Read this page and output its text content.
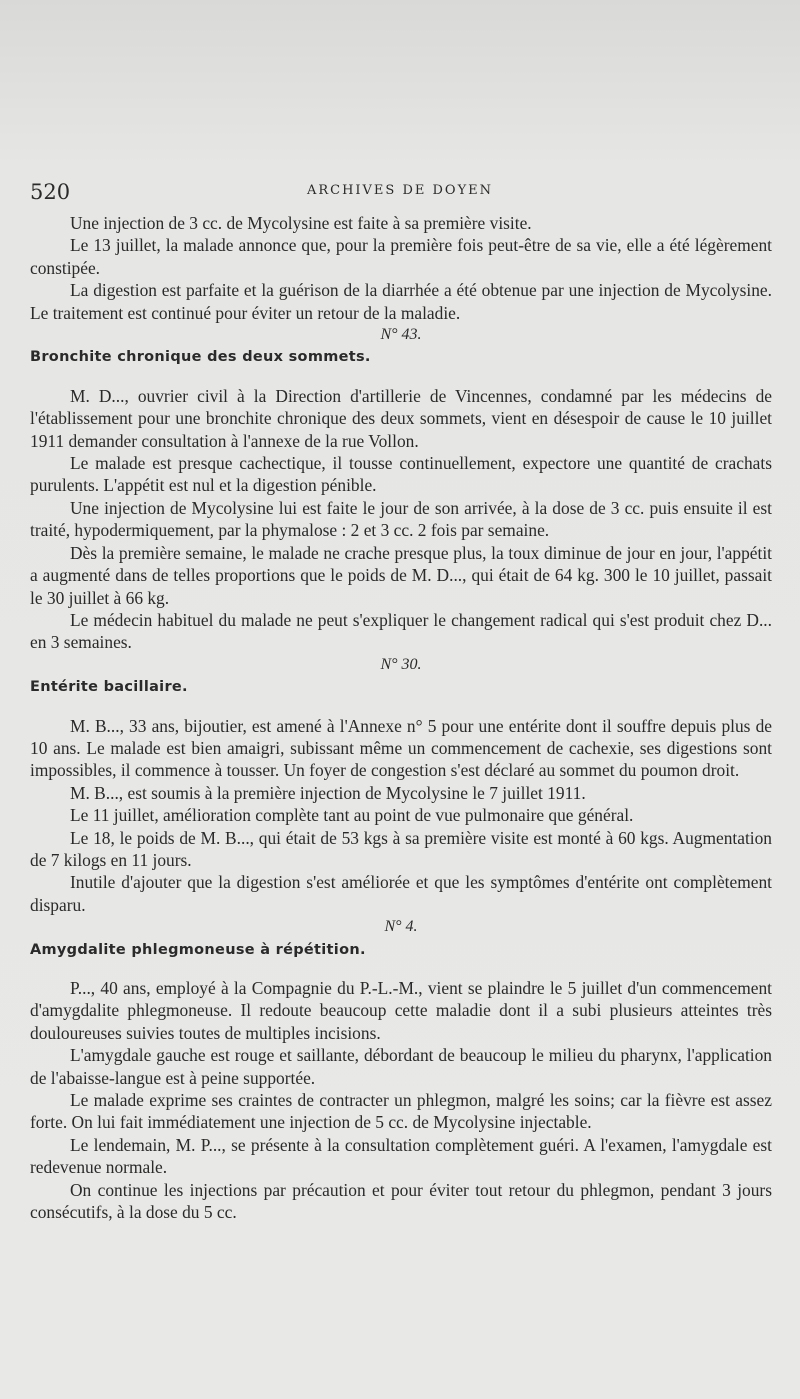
520	ARCHIVES DE DOYEN

Une injection de 3 cc. de Mycolysine est faite à sa première visite.

Le 13 juillet, la malade annonce que, pour la première fois peut-être de sa vie, elle a été légèrement constipée.

La digestion est parfaite et la guérison de la diarrhée a été obtenue par une injection de Mycolysine. Le traitement est continué pour éviter un retour de la maladie.

N° 43.

Bronchite chronique des deux sommets.

M. D..., ouvrier civil à la Direction d'artillerie de Vincennes, condamné par les médecins de l'établissement pour une bronchite chronique des deux sommets, vient en désespoir de cause le 10 juillet 1911 demander consultation à l'annexe de la rue Vollon.

Le malade est presque cachectique, il tousse continuellement, expectore une quantité de crachats purulents. L'appétit est nul et la digestion pénible.

Une injection de Mycolysine lui est faite le jour de son arrivée, à la dose de 3 cc. puis ensuite il est traité, hypodermiquement, par la phymalose : 2 et 3 cc. 2 fois par semaine.

Dès la première semaine, le malade ne crache presque plus, la toux diminue de jour en jour, l'appétit a augmenté dans de telles proportions que le poids de M. D..., qui était de 64 kg. 300 le 10 juillet, passait le 30 juillet à 66 kg.

Le médecin habituel du malade ne peut s'expliquer le changement radical qui s'est produit chez D... en 3 semaines.

N° 30.

Entérite bacillaire.

M. B..., 33 ans, bijoutier, est amené à l'Annexe n° 5 pour une entérite dont il souffre depuis plus de 10 ans. Le malade est bien amaigri, subissant même un commencement de cachexie, ses digestions sont impossibles, il commence à tousser. Un foyer de congestion s'est déclaré au sommet du poumon droit.

M. B..., est soumis à la première injection de Mycolysine le 7 juillet 1911.

Le 11 juillet, amélioration complète tant au point de vue pulmonaire que général.

Le 18, le poids de M. B..., qui était de 53 kgs à sa première visite est monté à 60 kgs. Augmentation de 7 kilogs en 11 jours.

Inutile d'ajouter que la digestion s'est améliorée et que les symptômes d'entérite ont complètement disparu.

N° 4.

Amygdalite phlegmoneuse à répétition.

P..., 40 ans, employé à la Compagnie du P.-L.-M., vient se plaindre le 5 juillet d'un commencement d'amygdalite phlegmoneuse. Il redoute beaucoup cette maladie dont il a subi plusieurs atteintes très douloureuses suivies toutes de multiples incisions.

L'amygdale gauche est rouge et saillante, débordant de beaucoup le milieu du pharynx, l'application de l'abaisse-langue est à peine supportée.

Le malade exprime ses craintes de contracter un phlegmon, malgré les soins; car la fièvre est assez forte. On lui fait immédiatement une injection de 5 cc. de Mycolysine injectable.

Le lendemain, M. P..., se présente à la consultation complètement guéri. A l'examen, l'amygdale est redevenue normale.

On continue les injections par précaution et pour éviter tout retour du phlegmon, pendant 3 jours consécutifs, à la dose du 5 cc.
